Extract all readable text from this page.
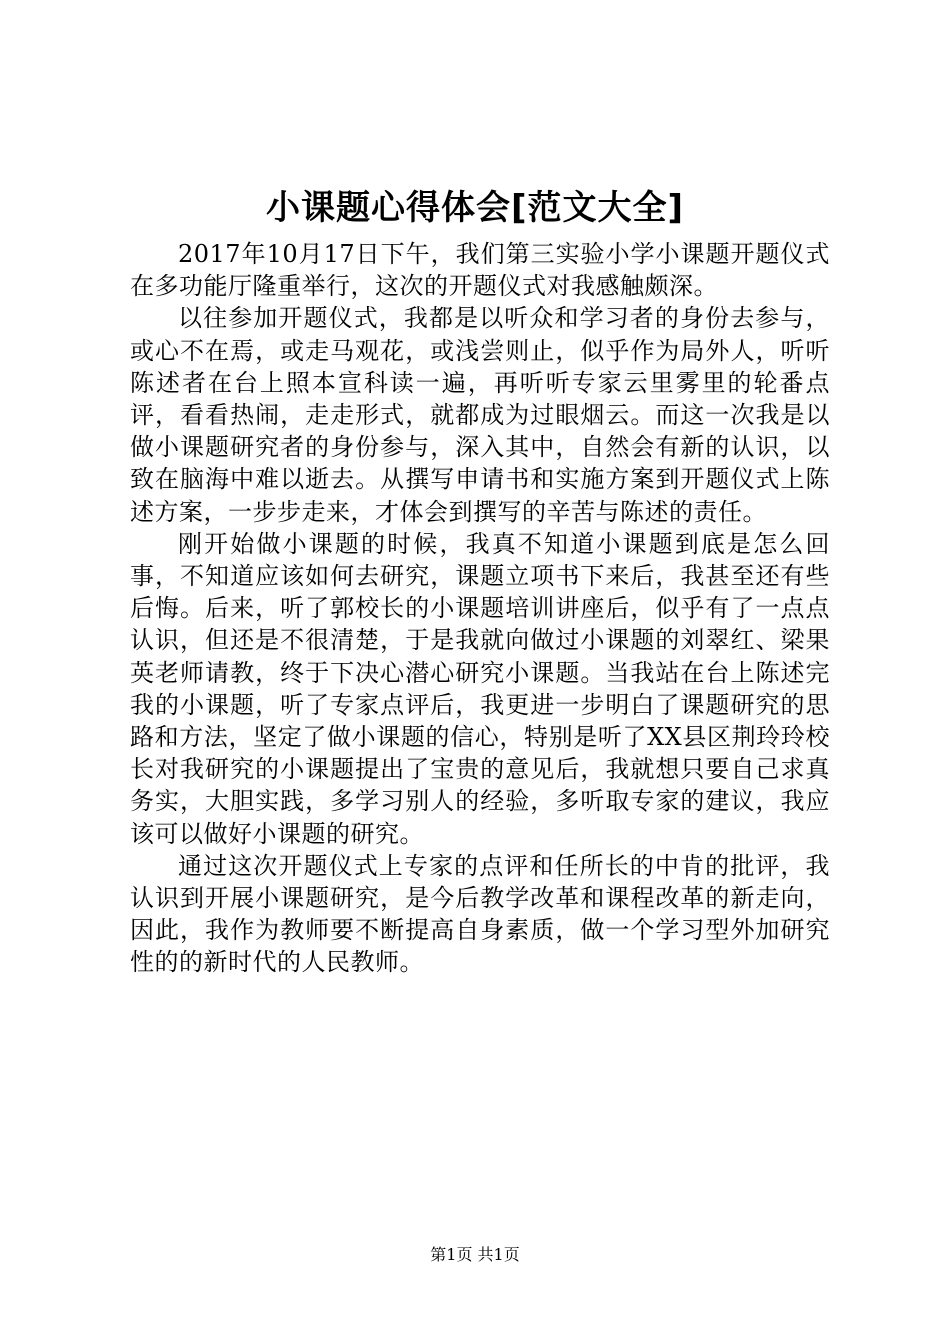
小课题心得体会[范文大全]

2017年10月17日下午，我们第三实验小学小课题开题仪式在多功能厅隆重举行，这次的开题仪式对我感触颇深。

以往参加开题仪式，我都是以听众和学习者的身份去参与，或心不在焉，或走马观花，或浅尝则止，似乎作为局外人，听听陈述者在台上照本宣科读一遍，再听听专家云里雾里的轮番点评，看看热闹，走走形式，就都成为过眼烟云。而这一次我是以做小课题研究者的身份参与，深入其中，自然会有新的认识，以致在脑海中难以逝去。从撰写申请书和实施方案到开题仪式上陈述方案，一步步走来，才体会到撰写的辛苦与陈述的责任。

刚开始做小课题的时候，我真不知道小课题到底是怎么回事，不知道应该如何去研究，课题立项书下来后，我甚至还有些后悔。后来，听了郭校长的小课题培训讲座后，似乎有了一点点认识，但还是不很清楚，于是我就向做过小课题的刘翠红、梁果英老师请教，终于下决心潜心研究小课题。当我站在台上陈述完我的小课题，听了专家点评后，我更进一步明白了课题研究的思路和方法，坚定了做小课题的信心，特别是听了XX县区荆玲玲校长对我研究的小课题提出了宝贵的意见后，我就想只要自己求真务实，大胆实践，多学习别人的经验，多听取专家的建议，我应该可以做好小课题的研究。

通过这次开题仪式上专家的点评和任所长的中肯的批评，我认识到开展小课题研究，是今后教学改革和课程改革的新走向，因此，我作为教师要不断提高自身素质，做一个学习型外加研究性的的新时代的人民教师。

第1页 共1页
